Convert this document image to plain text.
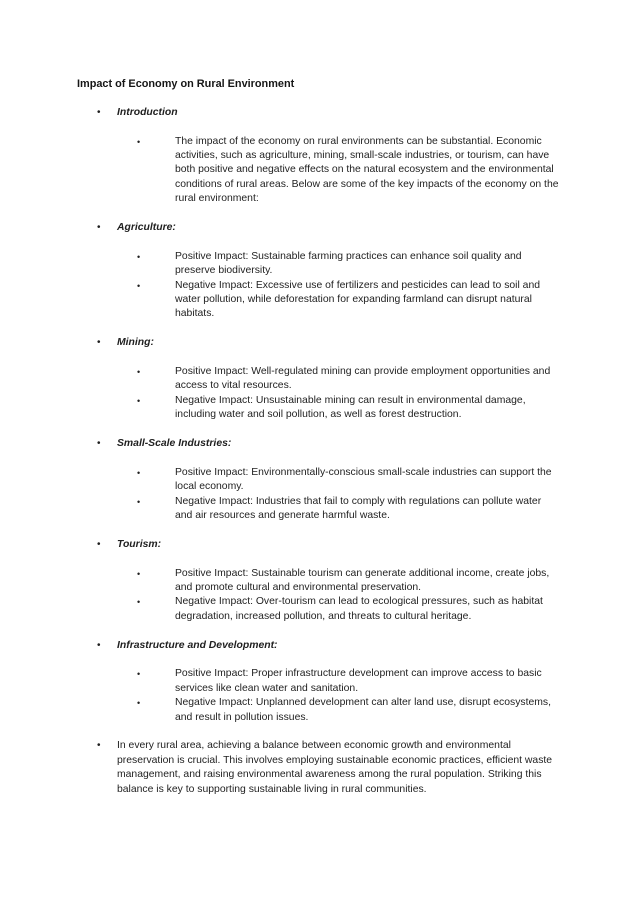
Impact of Economy on Rural Environment
• Introduction
•	The impact of the economy on rural environments can be substantial. Economic activities, such as agriculture, mining, small-scale industries, or tourism, can have both positive and negative effects on the natural ecosystem and the environmental conditions of rural areas. Below are some of the key impacts of the economy on the rural environment:
• Agriculture:
•	Positive Impact: Sustainable farming practices can enhance soil quality and preserve biodiversity.
•	Negative Impact: Excessive use of fertilizers and pesticides can lead to soil and water pollution, while deforestation for expanding farmland can disrupt natural habitats.
• Mining:
•	Positive Impact: Well-regulated mining can provide employment opportunities and access to vital resources.
•	Negative Impact: Unsustainable mining can result in environmental damage, including water and soil pollution, as well as forest destruction.
• Small-Scale Industries:
•	Positive Impact: Environmentally-conscious small-scale industries can support the local economy.
•	Negative Impact: Industries that fail to comply with regulations can pollute water and air resources and generate harmful waste.
• Tourism:
•	Positive Impact: Sustainable tourism can generate additional income, create jobs, and promote cultural and environmental preservation.
•	Negative Impact: Over-tourism can lead to ecological pressures, such as habitat degradation, increased pollution, and threats to cultural heritage.
• Infrastructure and Development:
•	Positive Impact: Proper infrastructure development can improve access to basic services like clean water and sanitation.
•	Negative Impact: Unplanned development can alter land use, disrupt ecosystems, and result in pollution issues.
• In every rural area, achieving a balance between economic growth and environmental preservation is crucial. This involves employing sustainable economic practices, efficient waste management, and raising environmental awareness among the rural population. Striking this balance is key to supporting sustainable living in rural communities.
